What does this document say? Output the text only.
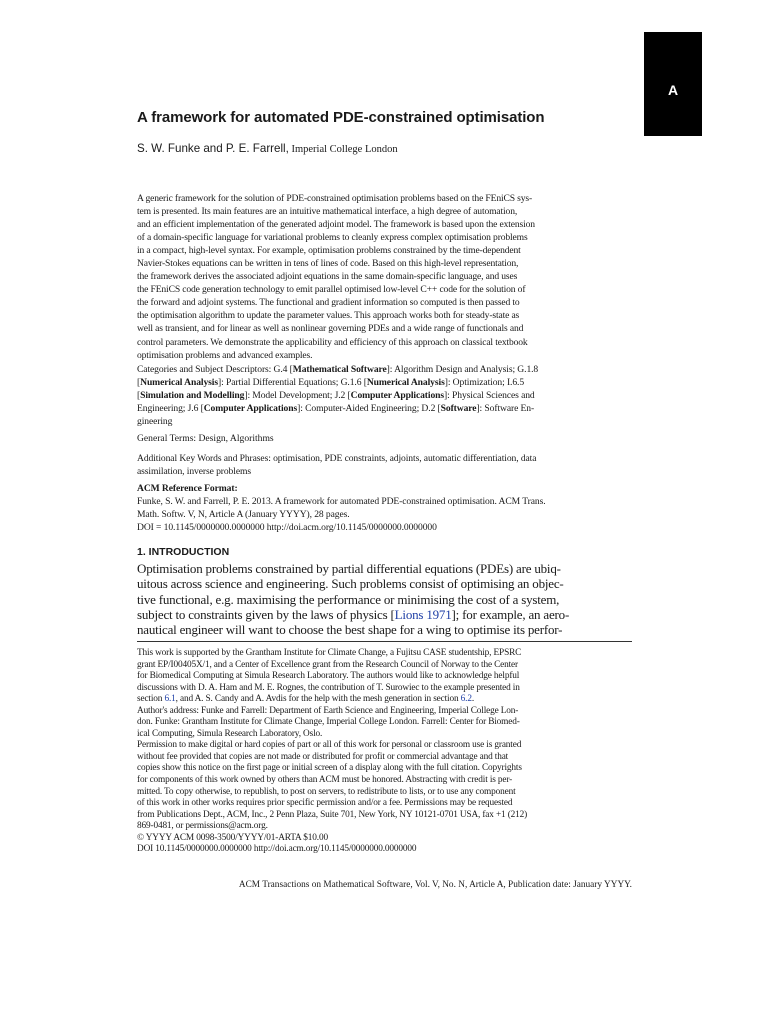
A
A framework for automated PDE-constrained optimisation
S. W. Funke and P. E. Farrell, Imperial College London
A generic framework for the solution of PDE-constrained optimisation problems based on the FEniCS sys-
tem is presented. Its main features are an intuitive mathematical interface, a high degree of automation,
and an efficient implementation of the generated adjoint model. The framework is based upon the extension
of a domain-specific language for variational problems to cleanly express complex optimisation problems
in a compact, high-level syntax. For example, optimisation problems constrained by the time-dependent
Navier-Stokes equations can be written in tens of lines of code. Based on this high-level representation,
the framework derives the associated adjoint equations in the same domain-specific language, and uses
the FEniCS code generation technology to emit parallel optimised low-level C++ code for the solution of
the forward and adjoint systems. The functional and gradient information so computed is then passed to
the optimisation algorithm to update the parameter values. This approach works both for steady-state as
well as transient, and for linear as well as nonlinear governing PDEs and a wide range of functionals and
control parameters. We demonstrate the applicability and efficiency of this approach on classical textbook
optimisation problems and advanced examples.
Categories and Subject Descriptors: G.4 [Mathematical Software]: Algorithm Design and Analysis; G.1.8
[Numerical Analysis]: Partial Differential Equations; G.1.6 [Numerical Analysis]: Optimization; I.6.5
[Simulation and Modelling]: Model Development; J.2 [Computer Applications]: Physical Sciences and
Engineering; J.6 [Computer Applications]: Computer-Aided Engineering; D.2 [Software]: Software En-
gineering
General Terms: Design, Algorithms
Additional Key Words and Phrases: optimisation, PDE constraints, adjoints, automatic differentiation, data
assimilation, inverse problems
ACM Reference Format:
Funke, S. W. and Farrell, P. E. 2013. A framework for automated PDE-constrained optimisation. ACM Trans.
Math. Softw. V, N, Article A (January YYYY), 28 pages.
DOI = 10.1145/0000000.0000000 http://doi.acm.org/10.1145/0000000.0000000
1. INTRODUCTION
Optimisation problems constrained by partial differential equations (PDEs) are ubiq-
uitous across science and engineering. Such problems consist of optimising an objec-
tive functional, e.g. maximising the performance or minimising the cost of a system,
subject to constraints given by the laws of physics [Lions 1971]; for example, an aero-
nautical engineer will want to choose the best shape for a wing to optimise its perfor-
This work is supported by the Grantham Institute for Climate Change, a Fujitsu CASE studentship, EPSRC
grant EP/I00405X/1, and a Center of Excellence grant from the Research Council of Norway to the Center
for Biomedical Computing at Simula Research Laboratory. The authors would like to acknowledge helpful
discussions with D. A. Ham and M. E. Rognes, the contribution of T. Surowiec to the example presented in
section 6.1, and A. S. Candy and A. Avdis for the help with the mesh generation in section 6.2.
Author's address: Funke and Farrell: Department of Earth Science and Engineering, Imperial College Lon-
don. Funke: Grantham Institute for Climate Change, Imperial College London. Farrell: Center for Biomed-
ical Computing, Simula Research Laboratory, Oslo.
Permission to make digital or hard copies of part or all of this work for personal or classroom use is granted
without fee provided that copies are not made or distributed for profit or commercial advantage and that
copies show this notice on the first page or initial screen of a display along with the full citation. Copyrights
for components of this work owned by others than ACM must be honored. Abstracting with credit is per-
mitted. To copy otherwise, to republish, to post on servers, to redistribute to lists, or to use any component
of this work in other works requires prior specific permission and/or a fee. Permissions may be requested
from Publications Dept., ACM, Inc., 2 Penn Plaza, Suite 701, New York, NY 10121-0701 USA, fax +1 (212)
869-0481, or permissions@acm.org.
© YYYY ACM 0098-3500/YYYY/01-ARTA $10.00
DOI 10.1145/0000000.0000000 http://doi.acm.org/10.1145/0000000.0000000
ACM Transactions on Mathematical Software, Vol. V, No. N, Article A, Publication date: January YYYY.
